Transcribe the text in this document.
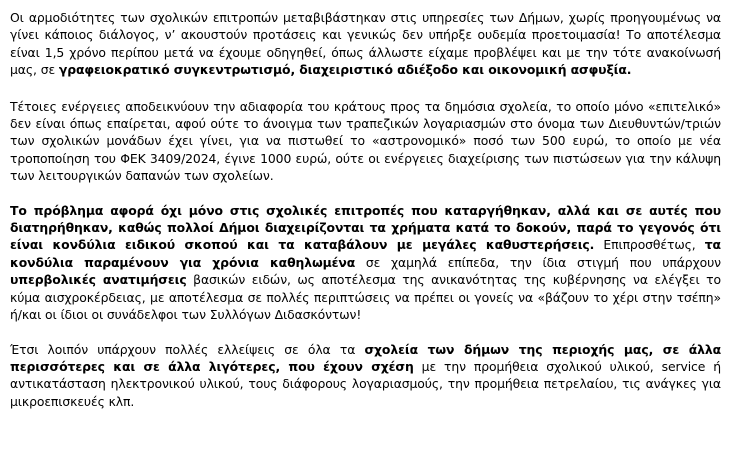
Οι αρμοδιότητες των σχολικών επιτροπών μεταβιβάστηκαν στις υπηρεσίες των Δήμων, χωρίς προηγουμένως να γίνει κάποιος διάλογος, ν’ ακουστούν προτάσεις και γενικώς δεν υπήρξε ουδεμία προετοιμασία! Το αποτέλεσμα είναι 1,5 χρόνο περίπου μετά να έχουμε οδηγηθεί, όπως άλλωστε είχαμε προβλέψει και με την τότε ανακοίνωσή μας, σε γραφειοκρατικό συγκεντρωτισμό, διαχειριστικό αδιέξοδο και οικονομική ασφυξία.

Τέτοιες ενέργειες αποδεικνύουν την αδιαφορία του κράτους προς τα δημόσια σχολεία, το οποίο μόνο «επιτελικό» δεν είναι όπως επαίρεται, αφού ούτε το άνοιγμα των τραπεζικών λογαριασμών στο όνομα των Διευθυντών/τριών των σχολικών μονάδων έχει γίνει, για να πιστωθεί το «αστρονομικό» ποσό των 500 ευρώ, το οποίο με νέα τροποποίηση του ΦΕΚ 3409/2024, έγινε 1000 ευρώ, ούτε οι ενέργειες διαχείρισης των πιστώσεων για την κάλυψη των λειτουργικών δαπανών των σχολείων.

Το πρόβλημα αφορά όχι μόνο στις σχολικές επιτροπές που καταργήθηκαν, αλλά και σε αυτές που διατηρήθηκαν, καθώς πολλοί Δήμοι διαχειρίζονται τα χρήματα κατά το δοκούν, παρά το γεγονός ότι είναι κονδύλια ειδικού σκοπού και τα καταβάλουν με μεγάλες καθυστερήσεις. Επιπροσθέτως, τα κονδύλια παραμένουν για χρόνια καθηλωμένα σε χαμηλά επίπεδα, την ίδια στιγμή που υπάρχουν υπερβολικές ανατιμήσεις βασικών ειδών, ως αποτέλεσμα της ανικανότητας της κυβέρνησης να ελέγξει το κύμα αισχροκέρδειας, με αποτέλεσμα σε πολλές περιπτώσεις να πρέπει οι γονείς να «βάζουν το χέρι στην τσέπη» ή/και οι ίδιοι οι συνάδελφοι των Συλλόγων Διδασκόντων!

Έτσι λοιπόν υπάρχουν πολλές ελλείψεις σε όλα τα σχολεία των δήμων της περιοχής μας, σε άλλα περισσότερες και σε άλλα λιγότερες, που έχουν σχέση με την προμήθεια σχολικού υλικού, service ή αντικατάσταση ηλεκτρονικού υλικού, τους διάφορους λογαριασμούς, την προμήθεια πετρελαίου, τις ανάγκες για μικροεπισκευές κλπ.
